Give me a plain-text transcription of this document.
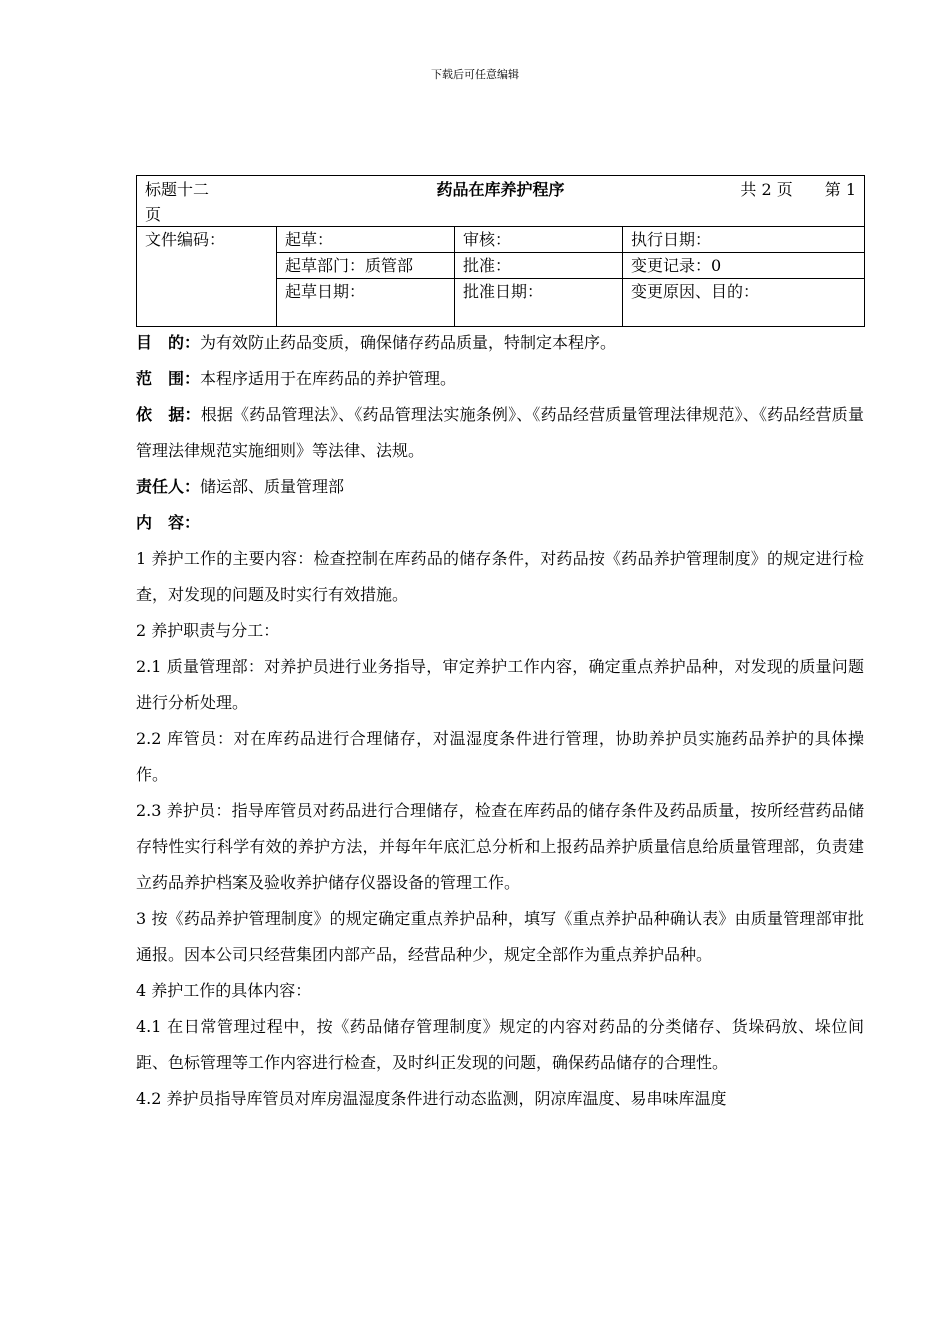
下载后可任意编辑
标题十二 药品在库养护程序 共 2 页　　第 1
页			

文件编码：	起草：	审核：	执行日期：
	起草部门：质管部	批准：	变更记录：0
	起草日期：	批准日期：	变更原因、目的：

目　的：为有效防止药品变质，确保储存药品质量，特制定本程序。

范　围：本程序适用于在库药品的养护管理。

依　据：根据《药品管理法》、《药品管理法实施条例》、《药品经营质量管理法律规范》、《药品经营质量管理法律规范实施细则》等法律、法规。

责任人：储运部、质量管理部

内　容：

1 养护工作的主要内容：检查控制在库药品的储存条件，对药品按《药品养护管理制度》的规定进行检查，对发现的问题及时实行有效措施。

2 养护职责与分工：

2.1 质量管理部：对养护员进行业务指导，审定养护工作内容，确定重点养护品种，对发现的质量问题进行分析处理。

2.2 库管员：对在库药品进行合理储存，对温湿度条件进行管理，协助养护员实施药品养护的具体操作。

2.3 养护员：指导库管员对药品进行合理储存，检查在库药品的储存条件及药品质量，按所经营药品储存特性实行科学有效的养护方法，并每年年底汇总分析和上报药品养护质量信息给质量管理部，负责建立药品养护档案及验收养护储存仪器设备的管理工作。

3 按《药品养护管理制度》的规定确定重点养护品种，填写《重点养护品种确认表》由质量管理部审批通报。因本公司只经营集团内部产品，经营品种少，规定全部作为重点养护品种。

4 养护工作的具体内容：

4.1 在日常管理过程中，按《药品储存管理制度》规定的内容对药品的分类储存、货垛码放、垛位间距、色标管理等工作内容进行检查，及时纠正发现的问题，确保药品储存的合理性。

4.2 养护员指导库管员对库房温湿度条件进行动态监测，阴凉库温度、易串味库温度
